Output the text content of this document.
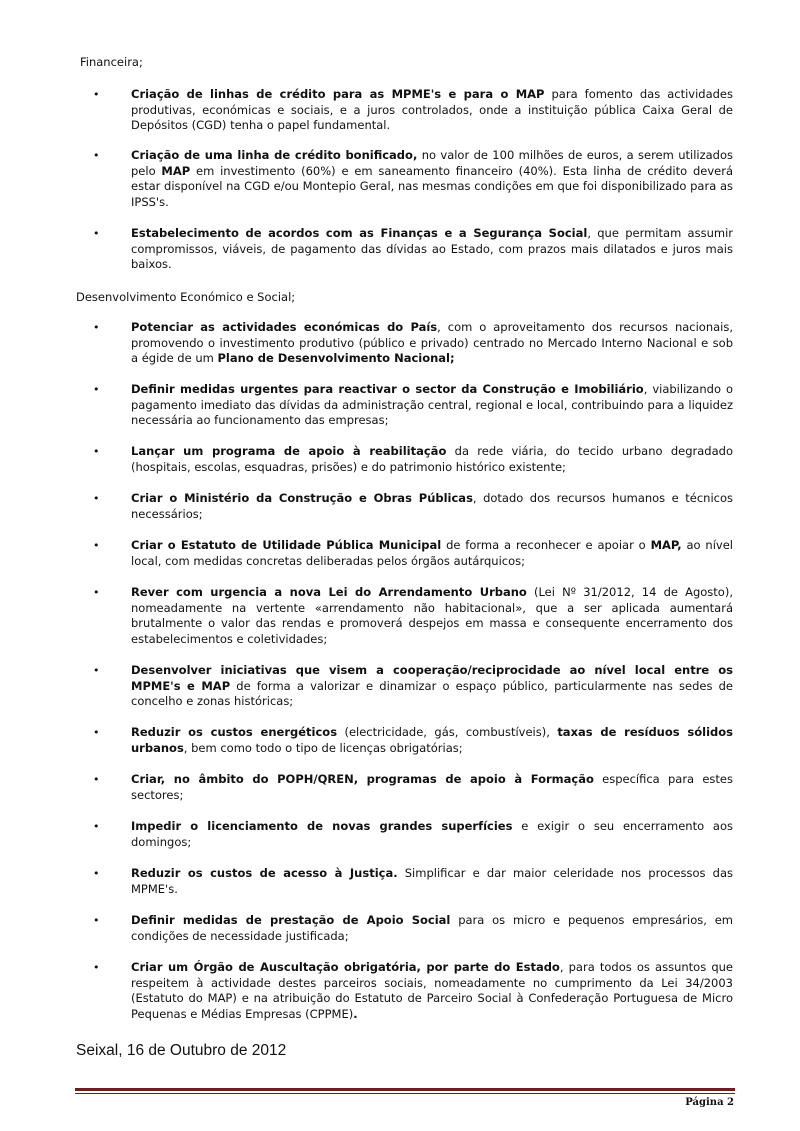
Financeira;
•	Criação de linhas de crédito para as MPME's e para o MAP para fomento das actividades produtivas, económicas e sociais, e a juros controlados, onde a instituição pública Caixa Geral de Depósitos (CGD) tenha o papel fundamental.
•	Criação de uma linha de crédito bonificado, no valor de 100 milhões de euros, a serem utilizados pelo MAP em investimento (60%) e em saneamento financeiro (40%). Esta linha de crédito deverá estar disponível na CGD e/ou Montepio Geral, nas mesmas condições em que foi disponibilizado para as IPSS's.
•	Estabelecimento de acordos com as Finanças e a Segurança Social, que permitam assumir compromissos, viáveis, de pagamento das dívidas ao Estado, com prazos mais dilatados e juros mais baixos.
Desenvolvimento Económico e Social;
•	Potenciar as actividades económicas do País, com o aproveitamento dos recursos nacionais, promovendo o investimento produtivo (público e privado) centrado no Mercado Interno Nacional e sob a égide de um Plano de Desenvolvimento Nacional;
•	Definir medidas urgentes para reactivar o sector da Construção e Imobiliário, viabilizando o pagamento imediato das dívidas da administração central, regional e local, contribuindo para a liquidez necessária ao funcionamento das empresas;
•	Lançar um programa de apoio à reabilitação da rede viária, do tecido urbano degradado (hospitais, escolas, esquadras, prisões) e do patrimonio histórico existente;
•	Criar o Ministério da Construção e Obras Públicas, dotado dos recursos humanos e técnicos necessários;
•	Criar o Estatuto de Utilidade Pública Municipal de forma a reconhecer e apoiar o MAP, ao nível local, com medidas concretas deliberadas pelos órgãos autárquicos;
•	Rever com urgencia a nova Lei do Arrendamento Urbano (Lei Nº 31/2012, 14 de Agosto), nomeadamente na vertente «arrendamento não habitacional», que a ser aplicada aumentará brutalmente o valor das rendas e promoverá despejos em massa e consequente encerramento dos estabelecimentos e coletividades;
•	Desenvolver iniciativas que visem a cooperação/reciprocidade ao nível local entre os MPME's e MAP de forma a valorizar e dinamizar o espaço público, particularmente nas sedes de concelho e zonas históricas;
•	Reduzir os custos energéticos (electricidade, gás, combustíveis), taxas de resíduos sólidos urbanos, bem como todo o tipo de licenças obrigatórias;
•	Criar, no âmbito do POPH/QREN, programas de apoio à Formação específica para estes sectores;
•	Impedir o licenciamento de novas grandes superfícies e exigir o seu encerramento aos domingos;
•	Reduzir os custos de acesso à Justiça. Simplificar e dar maior celeridade nos processos das MPME's.
•	Definir medidas de prestação de Apoio Social para os micro e pequenos empresários, em condições de necessidade justificada;
•	Criar um Órgão de Auscultação obrigatória, por parte do Estado, para todos os assuntos que respeitem à actividade destes parceiros sociais, nomeadamente no cumprimento da Lei 34/2003 (Estatuto do MAP) e na atribuição do Estatuto de Parceiro Social à Confederação Portuguesa de Micro Pequenas e Médias Empresas (CPPME).
Seixal, 16 de Outubro de 2012
Página 2
